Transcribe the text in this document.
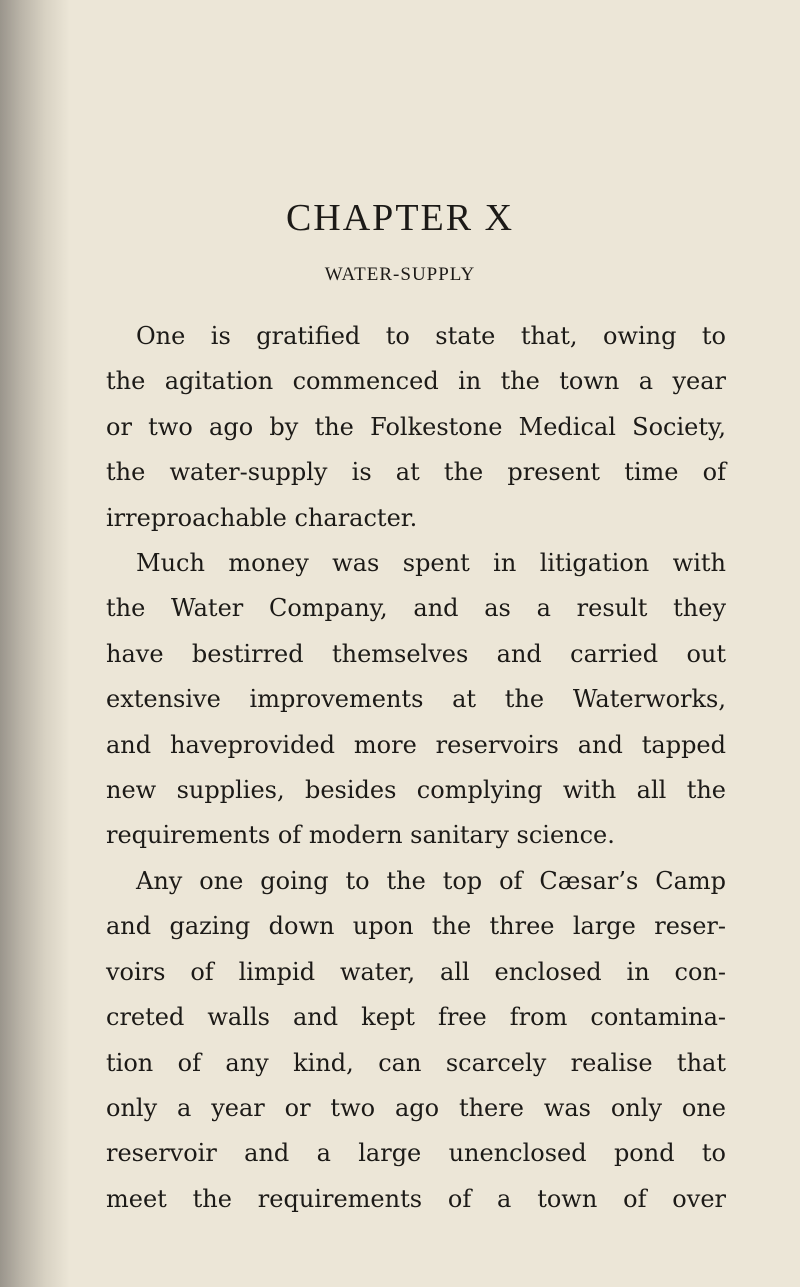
CHAPTER X
WATER-SUPPLY
One is gratified to state that, owing to
the agitation commenced in the town a year
or two ago by the Folkestone Medical Society,
the water-supply is at the present time of
irreproachable character.
Much money was spent in litigation with
the Water Company, and as a result they
have bestirred themselves and carried out
extensive improvements at the Waterworks,
and haveprovided more reservoirs and tapped
new supplies, besides complying with all the
requirements of modern sanitary science.
Any one going to the top of Cæsar’s Camp
and gazing down upon the three large reser-
voirs of limpid water, all enclosed in con-
creted walls and kept free from contamina-
tion of any kind, can scarcely realise that
only a year or two ago there was only one
reservoir and a large unenclosed pond to
meet the requirements of a town of over
